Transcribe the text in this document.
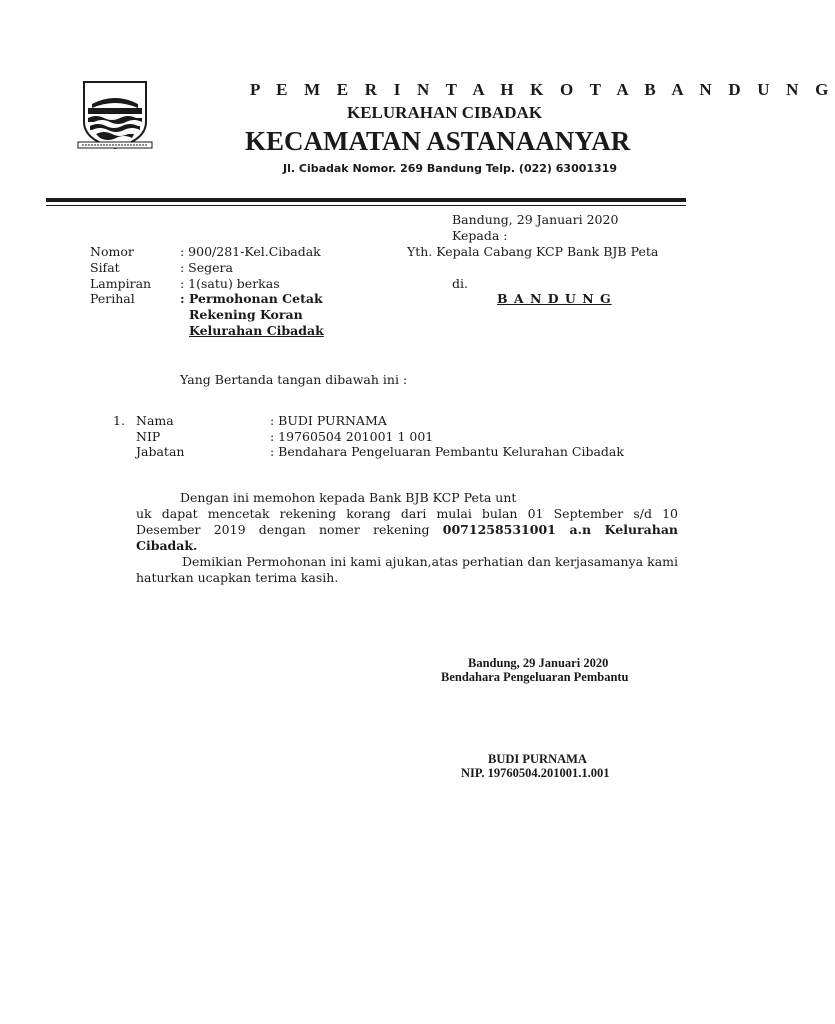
P E M E R I N T A H K O T A B A N D U N G
KELURAHAN CIBADAK
KECAMATAN ASTANAANYAR
Jl. Cibadak Nomor. 269 Bandung Telp. (022) 63001319
Bandung, 29 Januari 2020
Kepada :
Yth. Kepala Cabang KCP Bank BJB Peta
di.
B A N D U N G
Nomor	: 900/281-Kel.Cibadak
Sifat	: Segera
Lampiran : 1(satu) berkas
Perihal	: Permohonan Cetak
Rekening Koran
Kelurahan Cibadak
Yang Bertanda tangan dibawah ini :
1. Nama	: BUDI PURNAMA
NIP	: 19760504 201001 1 001
Jabatan	: Bendahara Pengeluaran Pembantu Kelurahan Cibadak
Dengan ini memohon kepada Bank BJB KCP Peta unt
uk dapat mencetak rekening korang dari mulai bulan 01 September s/d 10 Desember 2019 dengan nomer rekening 0071258531001 a.n Kelurahan Cibadak.
Demikian Permohonan ini kami ajukan,atas perhatian dan kerjasamanya kami haturkan ucapkan terima kasih.
Bandung, 29 Januari 2020
Bendahara Pengeluaran Pembantu
BUDI PURNAMA
NIP. 19760504.201001.1.001
